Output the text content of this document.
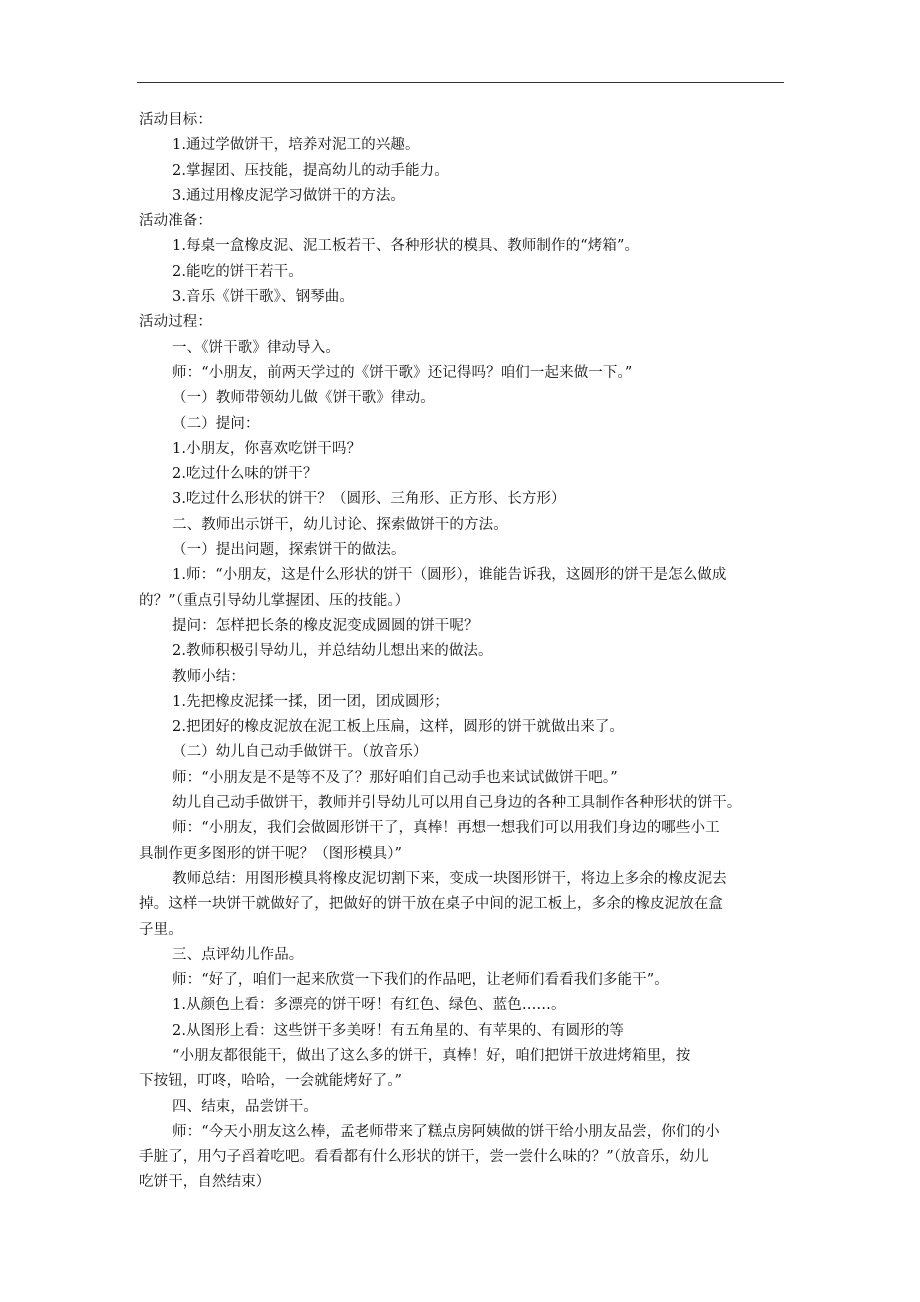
活动目标：
1.通过学做饼干，培养对泥工的兴趣。
2.掌握团、压技能，提高幼儿的动手能力。
3.通过用橡皮泥学习做饼干的方法。
活动准备：
1.每桌一盒橡皮泥、泥工板若干、各种形状的模具、教师制作的“烤箱”。
2.能吃的饼干若干。
3.音乐《饼干歌》、钢琴曲。
活动过程：
一、《饼干歌》律动导入。
师：“小朋友，前两天学过的《饼干歌》还记得吗？咱们一起来做一下。”
（一）教师带领幼儿做《饼干歌》律动。
（二）提问：
1.小朋友，你喜欢吃饼干吗？
2.吃过什么味的饼干？
3.吃过什么形状的饼干？（圆形、三角形、正方形、长方形）
二、教师出示饼干，幼儿讨论、探索做饼干的方法。
（一）提出问题，探索饼干的做法。
1.师：“小朋友，这是什么形状的饼干（圆形），谁能告诉我，这圆形的饼干是怎么做成
的？”（重点引导幼儿掌握团、压的技能。）
提问：怎样把长条的橡皮泥变成圆圆的饼干呢？
2.教师积极引导幼儿，并总结幼儿想出来的做法。
教师小结：
1.先把橡皮泥揉一揉，团一团，团成圆形；
2.把团好的橡皮泥放在泥工板上压扁，这样，圆形的饼干就做出来了。
（二）幼儿自己动手做饼干。（放音乐）
师：“小朋友是不是等不及了？那好咱们自己动手也来试试做饼干吧。”
幼儿自己动手做饼干，教师并引导幼儿可以用自己身边的各种工具制作各种形状的饼干。
师：“小朋友，我们会做圆形饼干了，真棒！再想一想我们可以用我们身边的哪些小工
具制作更多图形的饼干呢？（图形模具）”
教师总结：用图形模具将橡皮泥切割下来，变成一块图形饼干，将边上多余的橡皮泥去
掉。这样一块饼干就做好了，把做好的饼干放在桌子中间的泥工板上，多余的橡皮泥放在盒
子里。
三、点评幼儿作品。
师：“好了，咱们一起来欣赏一下我们的作品吧，让老师们看看我们多能干”。
1.从颜色上看：多漂亮的饼干呀！有红色、绿色、蓝色……。
2.从图形上看：这些饼干多美呀！有五角星的、有苹果的、有圆形的等
“小朋友都很能干，做出了这么多的饼干，真棒！好，咱们把饼干放进烤箱里，按
下按钮，叮咚，哈哈，一会就能烤好了。”
四、结束，品尝饼干。
师：“今天小朋友这么棒，孟老师带来了糕点房阿姨做的饼干给小朋友品尝，你们的小
手脏了，用勺子舀着吃吧。看看都有什么形状的饼干，尝一尝什么味的？”（放音乐，幼儿
吃饼干，自然结束）
